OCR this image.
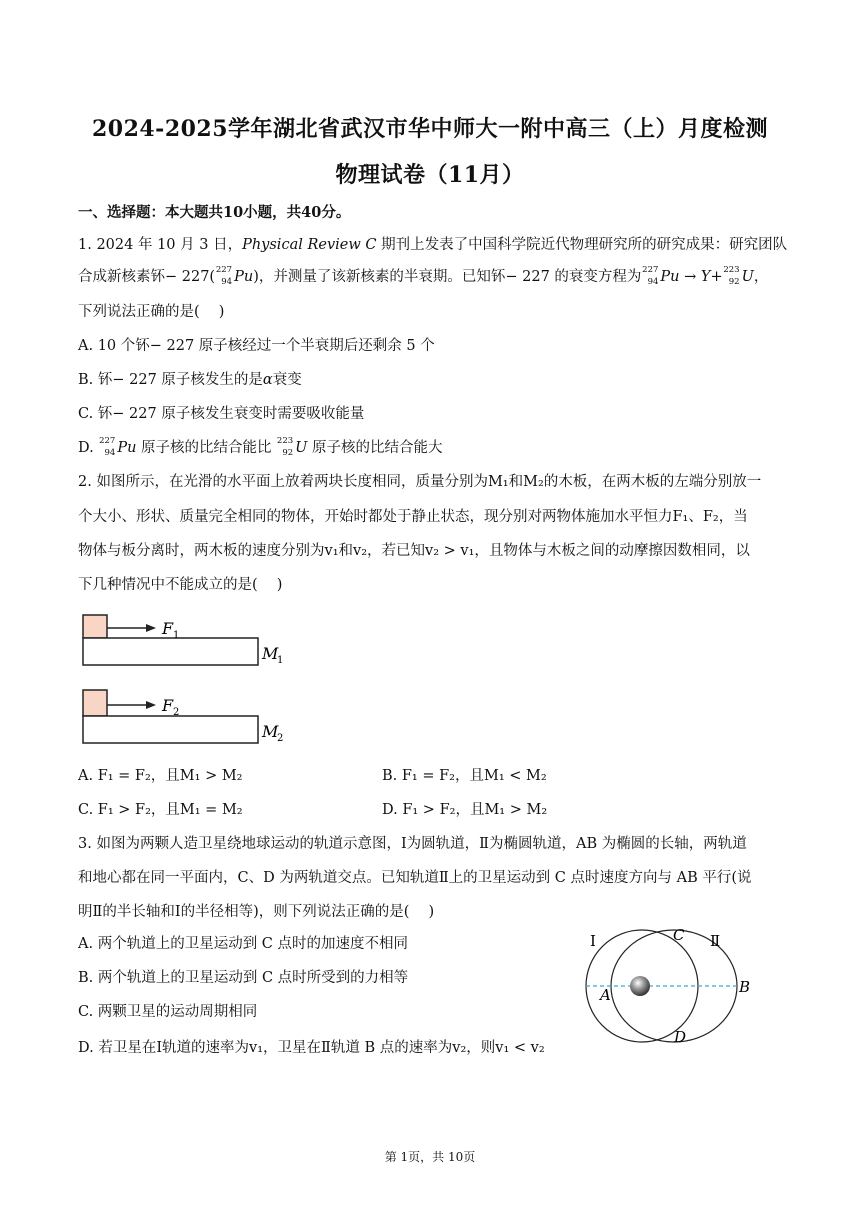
2024-2025学年湖北省武汉市华中师大一附中高三（上）月度检测
物理试卷（11月）
一、选择题：本大题共10小题，共40分。
1. 2024 年 10 月 3 日，Physical Review C 期刊上发表了中国科学院近代物理研究所的研究成果：研究团队
合成新核素钚− 227( 227
94 Pu)，并测量了该新核素的半衰期。已知钚− 227 的衰变方程为 227
94 Pu → Y+ 223
92 U，
下列说法正确的是(　 )
A. 10 个钚− 227 原子核经过一个半衰期后还剩余 5 个
B. 钚− 227 原子核发生的是α衰变
C. 钚− 227 原子核发生衰变时需要吸收能量
D. 227
94 Pu 原子核的比结合能比 223
92 U 原子核的比结合能大
2. 如图所示，在光滑的水平面上放着两块长度相同，质量分别为M₁和M₂的木板，在两木板的左端分别放一
个大小、形状、质量完全相同的物体，开始时都处于静止状态，现分别对两物体施加水平恒力F₁、F₂，当
物体与板分离时，两木板的速度分别为v₁和v₂，若已知v₂ > v₁，且物体与木板之间的动摩擦因数相同，以
下几种情况中不能成立的是(　 )
F 1
M
1
F 2
M
2
A. F₁ = F₂，且M₁ > M₂	B. F₁ = F₂，且M₁ < M₂
C. F₁ > F₂，且M₁ = M₂	D. F₁ > F₂，且M₁ > M₂
3. 如图为两颗人造卫星绕地球运动的轨道示意图，Ⅰ为圆轨道，Ⅱ为椭圆轨道，AB 为椭圆的长轴，两轨道
和地心都在同一平面内，C、D 为两轨道交点。已知轨道Ⅱ上的卫星运动到 C 点时速度方向与 AB 平行(说
明Ⅱ的半长轴和Ⅰ的半径相等)，则下列说法正确的是(　 )
A. 两个轨道上的卫星运动到 C 点时的加速度不相同
B. 两个轨道上的卫星运动到 C 点时所受到的力相等
C. 两颗卫星的运动周期相同
D. 若卫星在Ⅰ轨道的速率为v₁，卫星在Ⅱ轨道 B 点的速率为v₂，则v₁ < v₂
Ⅰ	Ⅱ
C
A	B
D
第 1页，共 10页
